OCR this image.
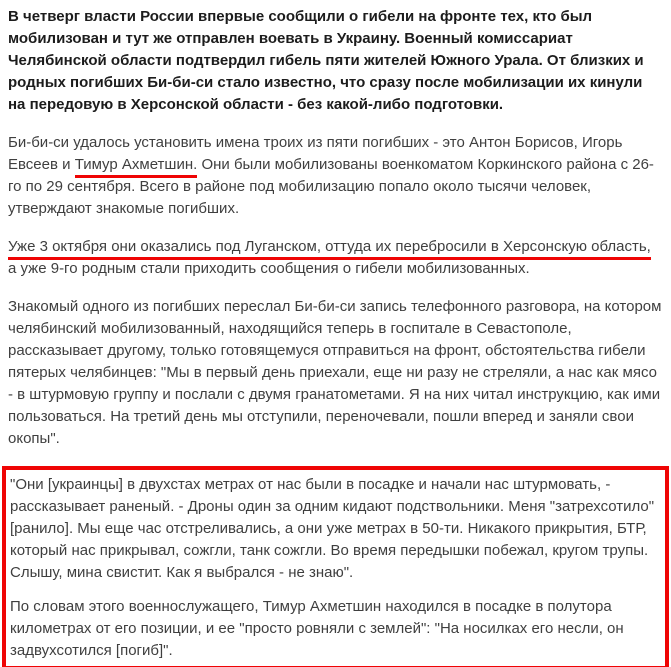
В четверг власти России впервые сообщили о гибели на фронте тех, кто был мобилизован и тут же отправлен воевать в Украину. Военный комиссариат Челябинской области подтвердил гибель пяти жителей Южного Урала. От близких и родных погибших Би-би-си стало известно, что сразу после мобилизации их кинули на передовую в Херсонской области - без какой-либо подготовки.

Би-би-си удалось установить имена троих из пяти погибших - это Антон Борисов, Игорь Евсеев и Тимур Ахметшин. Они были мобилизованы военкоматом Коркинского района с 26-го по 29 сентября. Всего в районе под мобилизацию попало около тысячи человек, утверждают знакомые погибших.

Уже 3 октября они оказались под Луганском, оттуда их перебросили в Херсонскую область, а уже 9-го родным стали приходить сообщения о гибели мобилизованных.

Знакомый одного из погибших переслал Би-би-си запись телефонного разговора, на котором челябинский мобилизованный, находящийся теперь в госпитале в Севастополе, рассказывает другому, только готовящемуся отправиться на фронт, обстоятельства гибели пятерых челябинцев: "Мы в первый день приехали, еще ни разу не стреляли, а нас как мясо - в штурмовую группу и послали с двумя гранатометами. Я на них читал инструкцию, как ими пользоваться. На третий день мы отступили, переночевали, пошли вперед и заняли свои окопы".

"Они [украинцы] в двухстах метрах от нас были в посадке и начали нас штурмовать, - рассказывает раненый. - Дроны один за одним кидают подствольники. Меня "затрехсотило" [ранило]. Мы еще час отстреливались, а они уже метрах в 50-ти. Никакого прикрытия, БТР, который нас прикрывал, сожгли, танк сожгли. Во время передышки побежал, кругом трупы. Слышу, мина свистит. Как я выбрался - не знаю".

По словам этого военнослужащего, Тимур Ахметшин находился в посадке в полутора километрах от его позиции, и ее "просто ровняли с землей": "На носилках его несли, он задвухсотился [погиб]".
